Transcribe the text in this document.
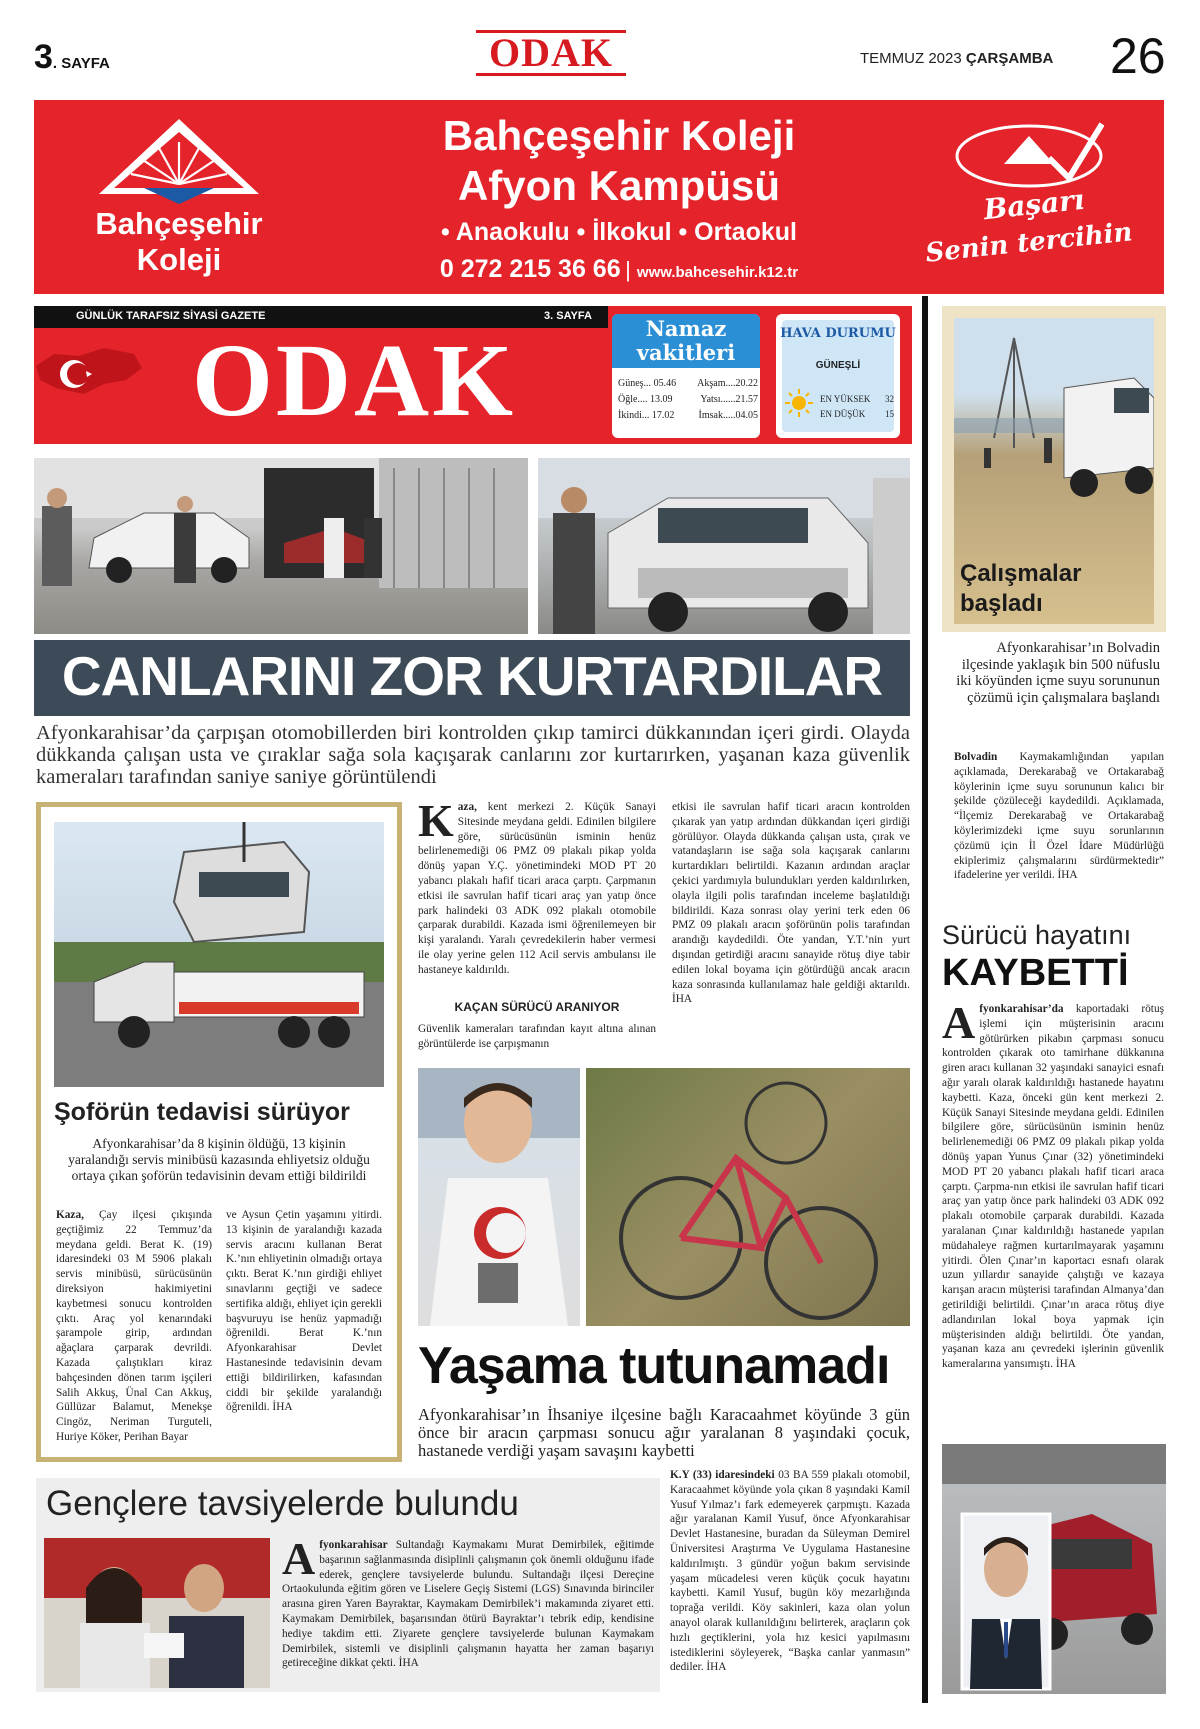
3. SAYFA	ODAK	TEMMUZ 2023 ÇARŞAMBA 26
Bahçeşehir
Koleji
Bahçeşehir Koleji
Afyon Kampüsü
• Anaokulu • İlkokul • Ortaokul
0 272 215 36 66 | www.bahcesehir.k12.tr
Başarı
Senin tercihin
GÜNLÜK TARAFSIZ SİYASİ GAZETE	3. SAYFA
ODAK	Namaz
vakitleri
Güneş... 05.46 Akşam....20.22
Öğle.... 13.09	Yatsı......21.57
İkindi... 17.02 İmsak.....04.05
HAVA DURUMU
GÜNEŞLİ
EN YÜKSEK 32
EN DÜŞÜK 15
CANLARINI ZOR KURTARDILAR
Afyonkarahisar’da çarpışan otomobillerden biri kontrolden çıkıp tamirci dükkanından içeri girdi. Olayda dükkanda çalışan usta ve çıraklar sağa sola kaçışarak canlarını zor kurtarırken, yaşanan kaza güvenlik kameraları tarafından saniye saniye görüntülendi
Şoförün tedavisi sürüyor
Afyonkarahisar’da 8 kişinin öldüğü, 13 kişinin yaralandığı servis minibüsü kazasında ehliyetsiz olduğu ortaya çıkan şoförün tedavisinin devam ettiği bildirildi

Kaza, Çay ilçesi çıkışında geçtiğimiz 22 Temmuz’da meydana geldi. Berat K. (19) idaresindeki 03 M 5906 plakalı servis minibüsü, sürücüsünün direksiyon hakimiyetini kaybetmesi sonucu kontrolden çıktı. Araç yol kenarındaki şarampole girip, ardından ağaçlara çarparak devrildi. Kazada çalıştıkları kiraz bahçesinden dönen tarım işçileri Salih Akkuş, Ünal Can Akkuş, Güllüzar Balamut, Menekşe Cingöz, Neriman Turguteli, Huriye Köker, Perihan Bayar

ve Aysun Çetin yaşamını yitirdi. 13 kişinin de yaralandığı kazada servis aracını kullanan Berat K.’nın ehliyetinin olmadığı ortaya çıktı. Berat K.’nın girdiği ehliyet sınavlarını geçtiği ve sadece sertifika aldığı, ehliyet için gerekli başvuruyu ise henüz yapmadığı öğrenildi. Berat K.’nın Afyonkarahisar Devlet Hastanesinde tedavisinin devam ettiği bildirilirken, kafasından ciddi bir şekilde yaralandığı öğrenildi. İHA

Kaza, kent merkezi 2. Küçük Sanayi Sitesinde meydana geldi. Edinilen bilgilere göre, sürücüsünün isminin henüz belirlenemediği 06 PMZ 09 plakalı pikap yolda dönüş yapan Y.Ç. yönetimindeki MOD PT 20 yabancı plakalı hafif ticari araca çarptı. Çarpmanın etkisi ile savrulan hafif ticari araç yan yatıp önce park halindeki 03 ADK 092 plakalı otomobile çarparak durabildi. Kazada ismi öğrenilemeyen bir kişi yaralandı. Yaralı çevredekilerin haber vermesi ile olay yerine gelen 112 Acil servis ambulansı ile hastaneye kaldırıldı.

KAÇAN SÜRÜCÜ ARANIYOR

Güvenlik kameraları tarafından kayıt altına alınan görüntülerde ise çarpışmanın

etkisi ile savrulan hafif ticari aracın kontrolden çıkarak yan yatıp ardından dükkandan içeri girdiği görülüyor. Olayda dükkanda çalışan usta, çırak ve vatandaşların ise sağa sola kaçışarak canlarını kurtardıkları belirtildi. Kazanın ardından araçlar çekici yardımıyla bulundukları yerden kaldırılırken, olayla ilgili polis tarafından inceleme başlatıldığı bildirildi. Kaza sonrası olay yerini terk eden 06 PMZ 09 plakalı aracın şoförünün polis tarafından arandığı kaydedildi. Öte yandan, Y.T.’nin yurt dışından getirdiği aracını sanayide rötuş diye tabir edilen lokal boyama için götürdüğü ancak aracın kaza sonrasında kullanılamaz hale geldiği aktarıldı. İHA

Yaşama tutunamadı
Afyonkarahisar’ın İhsaniye ilçesine bağlı Karacaahmet köyünde 3 gün önce bir aracın çarpması sonucu ağır yaralanan 8 yaşındaki çocuk, hastanede verdiği yaşam savaşını kaybetti

K.Y (33) idaresindeki 03 BA 559 plakalı otomobil, Karacaahmet köyünde yola çıkan 8 yaşındaki Kamil Yusuf Yılmaz’ı fark edemeyerek çarpmıştı. Kazada ağır yaralanan Kamil Yusuf, önce Afyonkarahisar Devlet Hastanesine, buradan da Süleyman Demirel Üniversitesi Araştırma Ve Uygulama Hastanesine kaldırılmıştı. 3 gündür yoğun bakım servisinde yaşam mücadelesi veren küçük çocuk hayatını kaybetti. Kamil Yusuf, bugün köy mezarlığında toprağa verildi. Köy sakinleri, kaza olan yolun anayol olarak kullanıldığını belirterek, araçların çok hızlı geçtiklerini, yola hız kesici yapılmasını istediklerini söyleyerek, “Başka canlar yanmasın” dediler. İHA

Gençlere tavsiyelerde bulundu

Afyonkarahisar Sultandağı Kaymakamı Murat Demirbilek, eğitimde başarının sağlanmasında disiplinli çalışmanın çok önemli olduğunu ifade ederek, gençlere tavsiyelerde bulundu. Sultandağı ilçesi Dereçine Ortaokulunda eğitim gören ve Liselere Geçiş Sistemi (LGS) Sınavında birinciler arasına giren Yaren Bayraktar, Kaymakam Demirbilek’i makamında ziyaret etti. Kaymakam Demirbilek, başarısından ötürü Bayraktar’ı tebrik edip, kendisine hediye takdim etti. Ziyarete gençlere tavsiyelerde bulunan Kaymakam Demirbilek, sistemli ve disiplinli çalışmanın hayatta her zaman başarıyı getireceğine dikkat çekti. İHA

Çalışmalar
başladı
Afyonkarahisar’ın Bolvadin ilçesinde yaklaşık bin 500 nüfuslu iki köyünden içme suyu sorununun çözümü için çalışmalara başlandı

Bolvadin Kaymakamlığından yapılan açıklamada, Derekarabağ ve Ortakarabağ köylerinin içme suyu sorununun kalıcı bir şekilde çözüleceği kaydedildi. Açıklamada, “İlçemiz Derekarabağ ve Ortakarabağ köylerimizdeki içme suyu sorunlarının çözümü için İl Özel İdare Müdürlüğü ekiplerimiz çalışmalarını sürdürmektedir” ifadelerine yer verildi. İHA

Sürücü hayatını
KAYBETTİ

Afyonkarahisar’da kaportadaki rötuş işlemi için müşterisinin aracını götürürken pikabın çarpması sonucu kontrolden çıkarak oto tamirhane dükkanına giren aracı kullanan 32 yaşındaki sanayici esnafı ağır yaralı olarak kaldırıldığı hastanede hayatını kaybetti. Kaza, önceki gün kent merkezi 2. Küçük Sanayi Sitesinde meydana geldi. Edinilen bilgilere göre, sürücüsünün isminin henüz belirlenemediği 06 PMZ 09 plakalı pikap yolda dönüş yapan Yunus Çınar (32) yönetimindeki MOD PT 20 yabancı plakalı hafif ticari araca çarptı. Çarpma-nın etkisi ile savrulan hafif ticari araç yan yatıp önce park halindeki 03 ADK 092 plakalı otomobile çarparak durabildi. Kazada yaralanan Çınar kaldırıldığı hastanede yapılan müdahaleye rağmen kurtarılmayarak yaşamını yitirdi. Ölen Çınar’ın kaportacı esnafı olarak uzun yıllardır sanayide çalıştığı ve kazaya karışan aracın müşterisi tarafından Almanya’dan getirildiği belirtildi. Çınar’ın araca rötuş diye adlandırılan lokal boya yapmak için müşterisinden aldığı belirtildi. Öte yandan, yaşanan kaza anı çevredeki işlerinin güvenlik kameralarına yansımıştı. İHA
